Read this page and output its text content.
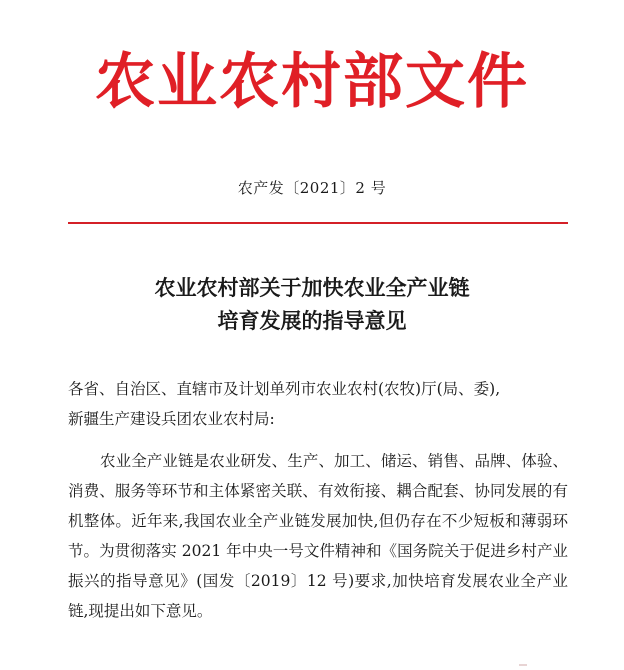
农业农村部文件
农产发〔2021〕2 号
农业农村部关于加快农业全产业链
培育发展的指导意见
各省、自治区、直辖市及计划单列市农业农村(农牧)厅(局、委),
新疆生产建设兵团农业农村局:
农业全产业链是农业研发、生产、加工、储运、销售、品牌、体验、消费、服务等环节和主体紧密关联、有效衔接、耦合配套、协同发展的有机整体。近年来,我国农业全产业链发展加快,但仍存在不少短板和薄弱环节。为贯彻落实 2021 年中央一号文件精神和《国务院关于促进乡村产业振兴的指导意见》(国发〔2019〕12 号)要求,加快培育发展农业全产业链,现提出如下意见。
